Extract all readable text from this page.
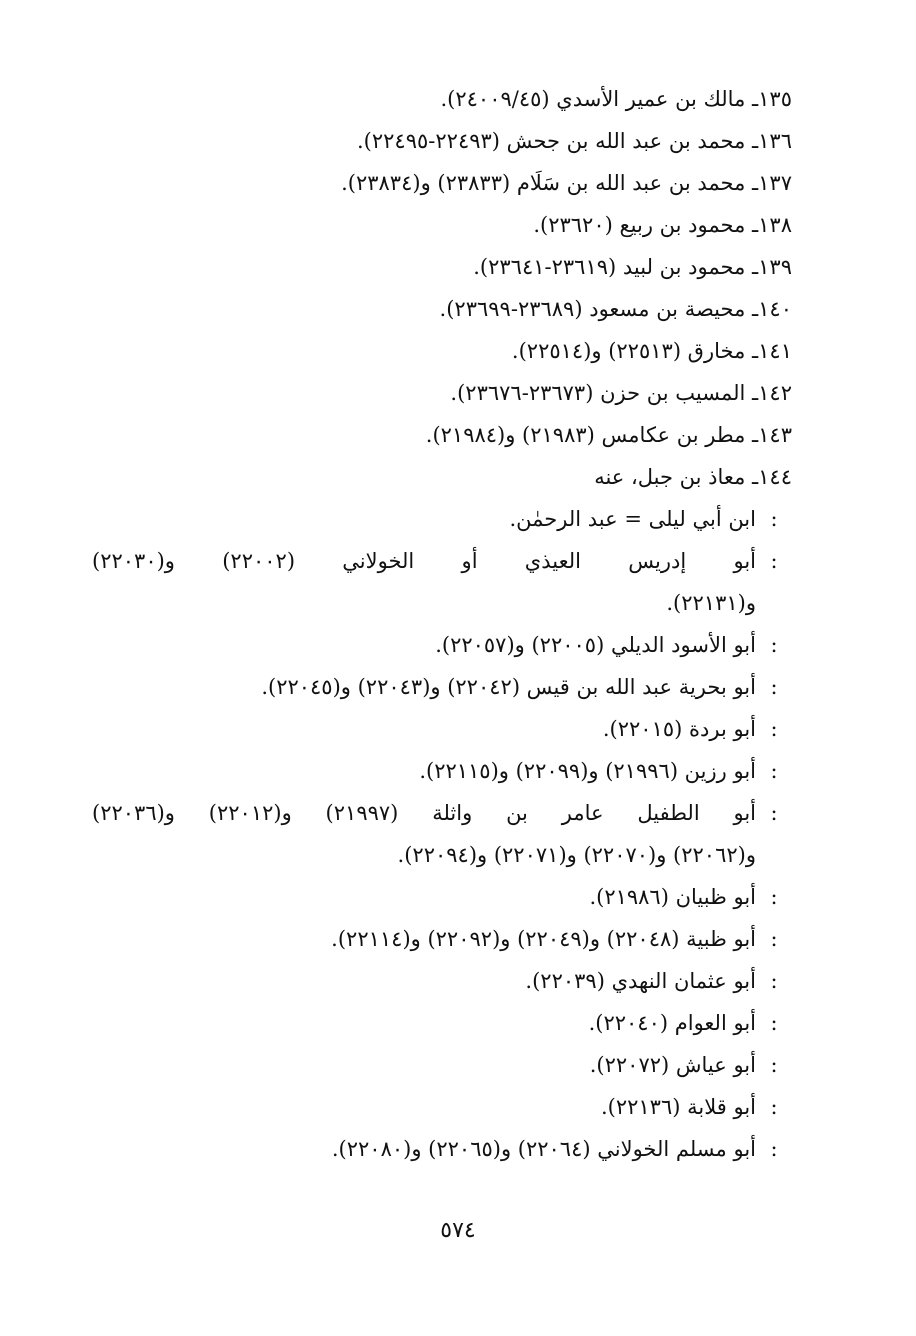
١٣٥ـ مالك بن عمير الأسدي (٢٤٠٠٩/٤٥).
١٣٦ـ محمد بن عبد الله بن جحش (٢٢٤٩٣-٢٢٤٩٥).
١٣٧ـ محمد بن عبد الله بن سَلَام (٢٣٨٣٣) و(٢٣٨٣٤).
١٣٨ـ محمود بن ربيع (٢٣٦٢٠).
١٣٩ـ محمود بن لبيد (٢٣٦١٩-٢٣٦٤١).
١٤٠ـ محيصة بن مسعود (٢٣٦٨٩-٢٣٦٩٩).
١٤١ـ مخارق (٢٢٥١٣) و(٢٢٥١٤).
١٤٢ـ المسيب بن حزن (٢٣٦٧٣-٢٣٦٧٦).
١٤٣ـ مطر بن عكامس (٢١٩٨٣) و(٢١٩٨٤).
١٤٤ـ معاذ بن جبل، عنه
:
ابن أبي ليلى = عبد الرحمٰن.
:
أبو إدريس العيذي أو الخولاني (٢٢٠٠٢) و(٢٢٠٣٠)
و(٢٢١٣١).
:
أبو الأسود الديلي (٢٢٠٠٥) و(٢٢٠٥٧).
:
أبو بحرية عبد الله بن قيس (٢٢٠٤٢) و(٢٢٠٤٣) و(٢٢٠٤٥).
:
أبو بردة (٢٢٠١٥).
:
أبو رزين (٢١٩٩٦) و(٢٢٠٩٩) و(٢٢١١٥).
:
أبو الطفيل عامر بن واثلة (٢١٩٩٧) و(٢٢٠١٢) و(٢٢٠٣٦)
و(٢٢٠٦٢) و(٢٢٠٧٠) و(٢٢٠٧١) و(٢٢٠٩٤).
:
أبو ظبيان (٢١٩٨٦).
:
أبو ظبية (٢٢٠٤٨) و(٢٢٠٤٩) و(٢٢٠٩٢) و(٢٢١١٤).
:
أبو عثمان النهدي (٢٢٠٣٩).
:
أبو العوام (٢٢٠٤٠).
:
أبو عياش (٢٢٠٧٢).
:
أبو قلابة (٢٢١٣٦).
:
أبو مسلم الخولاني (٢٢٠٦٤) و(٢٢٠٦٥) و(٢٢٠٨٠).
٥٧٤
